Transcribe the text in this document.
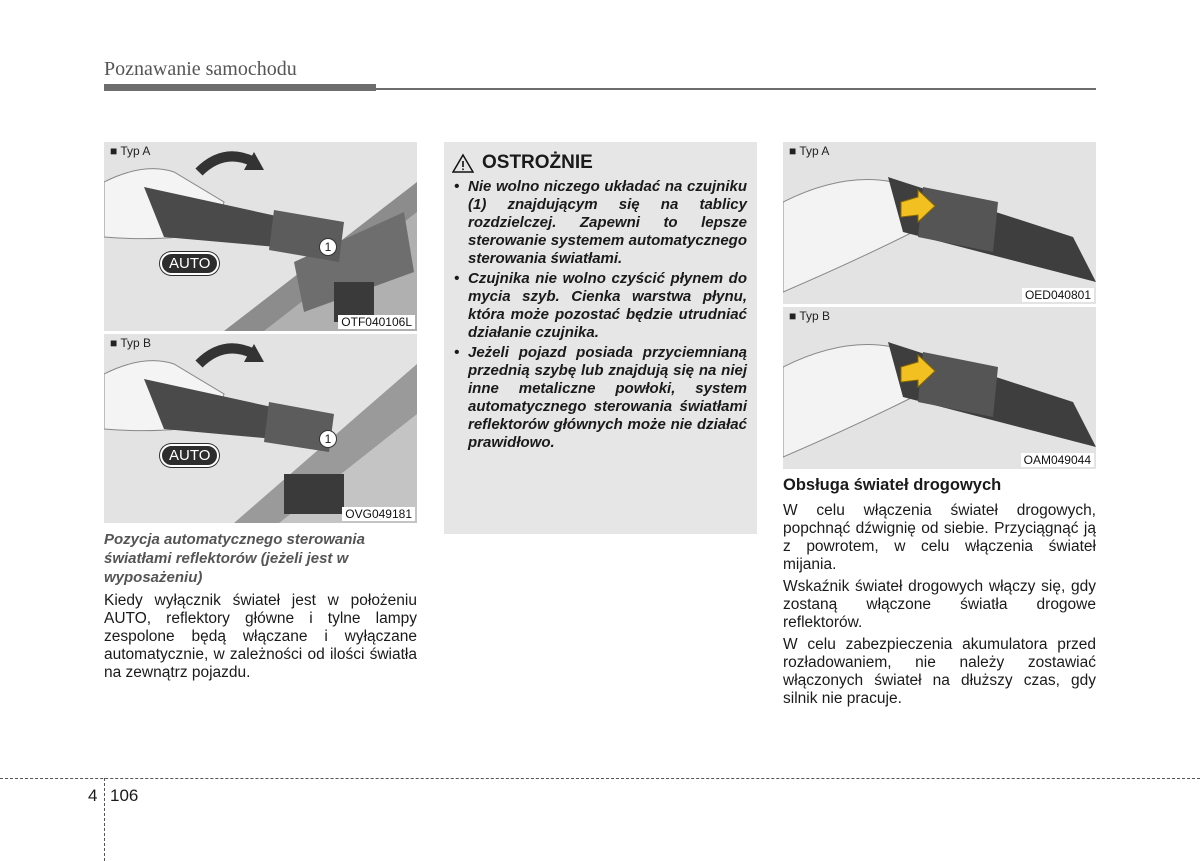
Poznawanie samochodu
■ Typ A
AUTO
1
OTF040106L
■ Typ B
AUTO
1
OVG049181
Pozycja automatycznego sterowania światłami reflektorów (jeżeli jest w wyposażeniu)
Kiedy wyłącznik świateł jest w położeniu AUTO, reflektory główne i tylne lampy zespolone będą włączane i wyłączane automatycznie, w zależności od ilości światła na zewnątrz pojazdu.
OSTROŻNIE
• Nie wolno niczego układać na czujniku (1) znajdującym się na tablicy rozdzielczej. Zapewni to lepsze sterowanie systemem automatycznego sterowania światłami.
• Czujnika nie wolno czyścić płynem do mycia szyb. Cienka warstwa płynu, która może pozostać będzie utrudniać działanie czujnika.
• Jeżeli pojazd posiada przyciemnianą przednią szybę lub znajdują się na niej inne metaliczne powłoki, system automatycznego sterowania światłami reflektorów głównych może nie działać prawidłowo.
■ Typ A
OED040801
■ Typ B
OAM049044
Obsługa świateł drogowych
W celu włączenia świateł drogowych, popchnąć dźwignię od siebie. Przyciągnąć ją z powrotem, w celu włączenia świateł mijania.
Wskaźnik świateł drogowych włączy się, gdy zostaną włączone światła drogowe reflektorów.
W celu zabezpieczenia akumulatora przed rozładowaniem, nie należy zostawiać włączonych świateł na dłuższy czas, gdy silnik nie pracuje.
4 106
